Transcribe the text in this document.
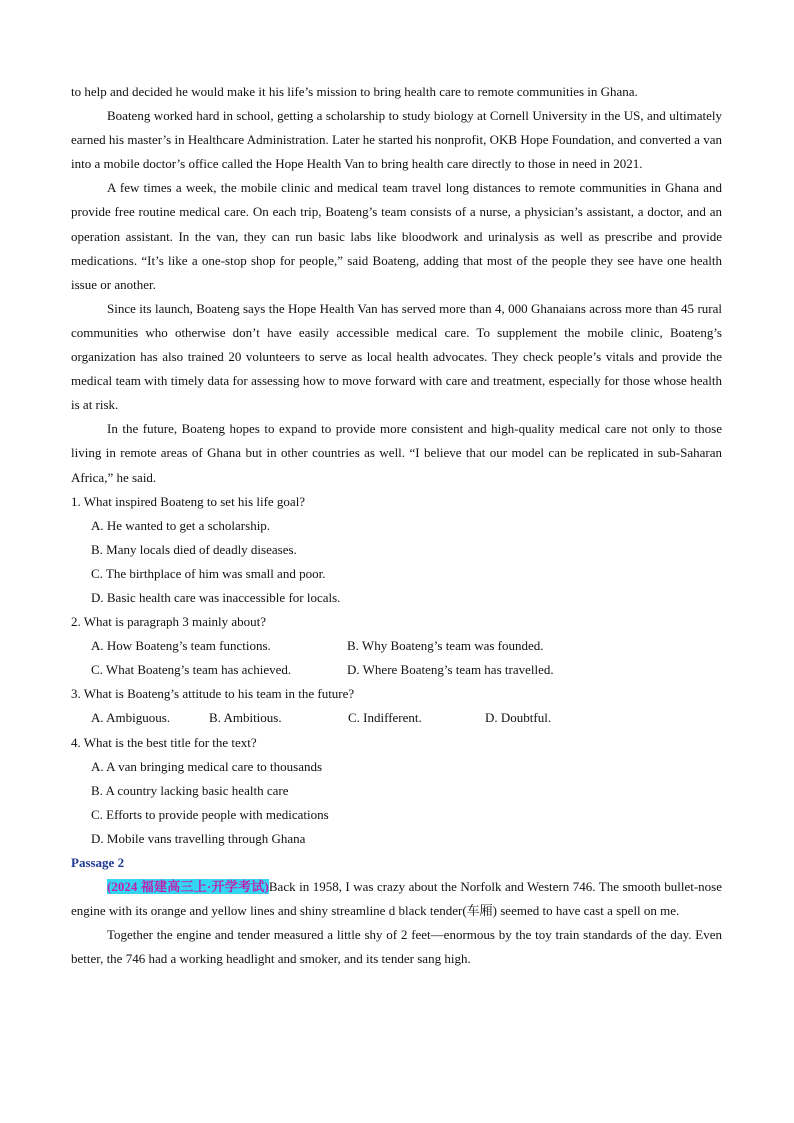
to help and decided he would make it his life’s mission to bring health care to remote communities in Ghana.

Boateng worked hard in school, getting a scholarship to study biology at Cornell University in the US, and ultimately earned his master’s in Healthcare Administration. Later he started his nonprofit, OKB Hope Foundation, and converted a van into a mobile doctor’s office called the Hope Health Van to bring health care directly to those in need in 2021.

A few times a week, the mobile clinic and medical team travel long distances to remote communities in Ghana and provide free routine medical care. On each trip, Boateng’s team consists of a nurse, a physician’s assistant, a doctor, and an operation assistant. In the van, they can run basic labs like bloodwork and urinalysis as well as prescribe and provide medications. “It’s like a one-stop shop for people,” said Boateng, adding that most of the people they see have one health issue or another.

Since its launch, Boateng says the Hope Health Van has served more than 4, 000 Ghanaians across more than 45 rural communities who otherwise don’t have easily accessible medical care. To supplement the mobile clinic, Boateng’s organization has also trained 20 volunteers to serve as local health advocates. They check people’s vitals and provide the medical team with timely data for assessing how to move forward with care and treatment, especially for those whose health is at risk.

In the future, Boateng hopes to expand to provide more consistent and high-quality medical care not only to those living in remote areas of Ghana but in other countries as well. “I believe that our model can be replicated in sub-Saharan Africa,” he said.

1. What inspired Boateng to set his life goal?
A. He wanted to get a scholarship.
B. Many locals died of deadly diseases.
C. The birthplace of him was small and poor.
D. Basic health care was inaccessible for locals.
2. What is paragraph 3 mainly about?
A. How Boateng’s team functions.	B. Why Boateng’s team was founded.
C. What Boateng’s team has achieved.	D. Where Boateng’s team has travelled.
3. What is Boateng’s attitude to his team in the future?
A. Ambiguous.	B. Ambitious.	C. Indifferent.	D. Doubtful.
4. What is the best title for the text?
A. A van bringing medical care to thousands
B. A country lacking basic health care
C. Efforts to provide people with medications
D. Mobile vans travelling through Ghana
Passage 2

(2024 福建高三上·开学考试)Back in 1958, I was crazy about the Norfolk and Western 746. The smooth bullet-nose engine with its orange and yellow lines and shiny streamline d black tender(车厢) seemed to have cast a spell on me.

Together the engine and tender measured a little shy of 2 feet—enormous by the toy train standards of the day. Even better, the 746 had a working headlight and smoker, and its tender sang high.
